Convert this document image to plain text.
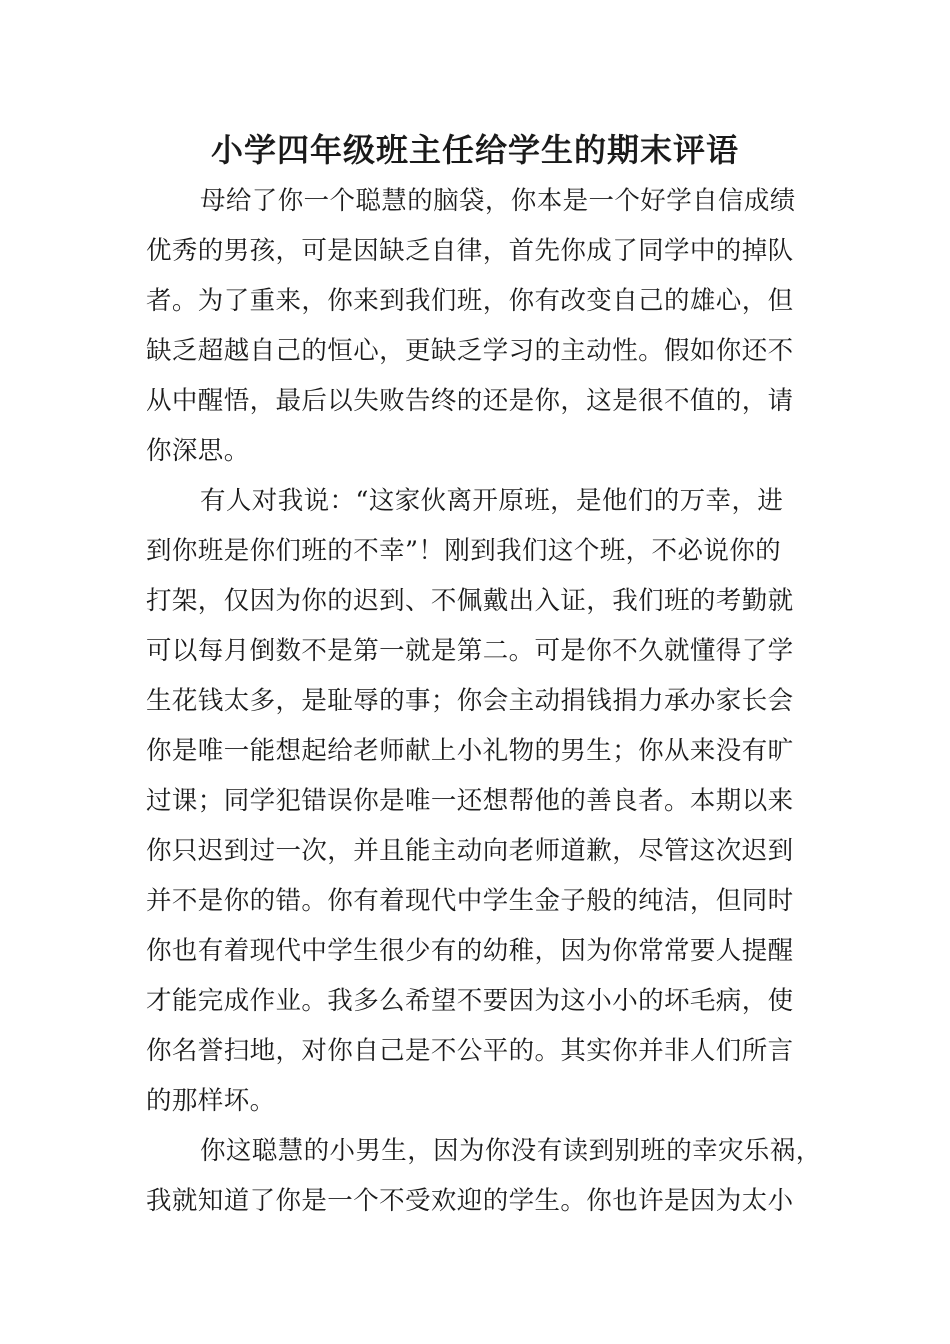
小学四年级班主任给学生的期末评语
母给了你一个聪慧的脑袋，你本是一个好学自信成绩
优秀的男孩，可是因缺乏自律，首先你成了同学中的掉队
者。为了重来，你来到我们班，你有改变自己的雄心，但
缺乏超越自己的恒心，更缺乏学习的主动性。假如你还不
从中醒悟，最后以失败告终的还是你，这是很不值的，请
你深思。
有人对我说：“这家伙离开原班，是他们的万幸，进
到你班是你们班的不幸”！刚到我们这个班，不必说你的
打架，仅因为你的迟到、不佩戴出入证，我们班的考勤就
可以每月倒数不是第一就是第二。可是你不久就懂得了学
生花钱太多，是耻辱的事；你会主动捐钱捐力承办家长会
你是唯一能想起给老师献上小礼物的男生；你从来没有旷
过课；同学犯错误你是唯一还想帮他的善良者。本期以来
你只迟到过一次，并且能主动向老师道歉，尽管这次迟到
并不是你的错。你有着现代中学生金子般的纯洁，但同时
你也有着现代中学生很少有的幼稚，因为你常常要人提醒
才能完成作业。我多么希望不要因为这小小的坏毛病，使
你名誉扫地，对你自己是不公平的。其实你并非人们所言
的那样坏。
你这聪慧的小男生，因为你没有读到别班的幸灾乐祸，
我就知道了你是一个不受欢迎的学生。你也许是因为太小
